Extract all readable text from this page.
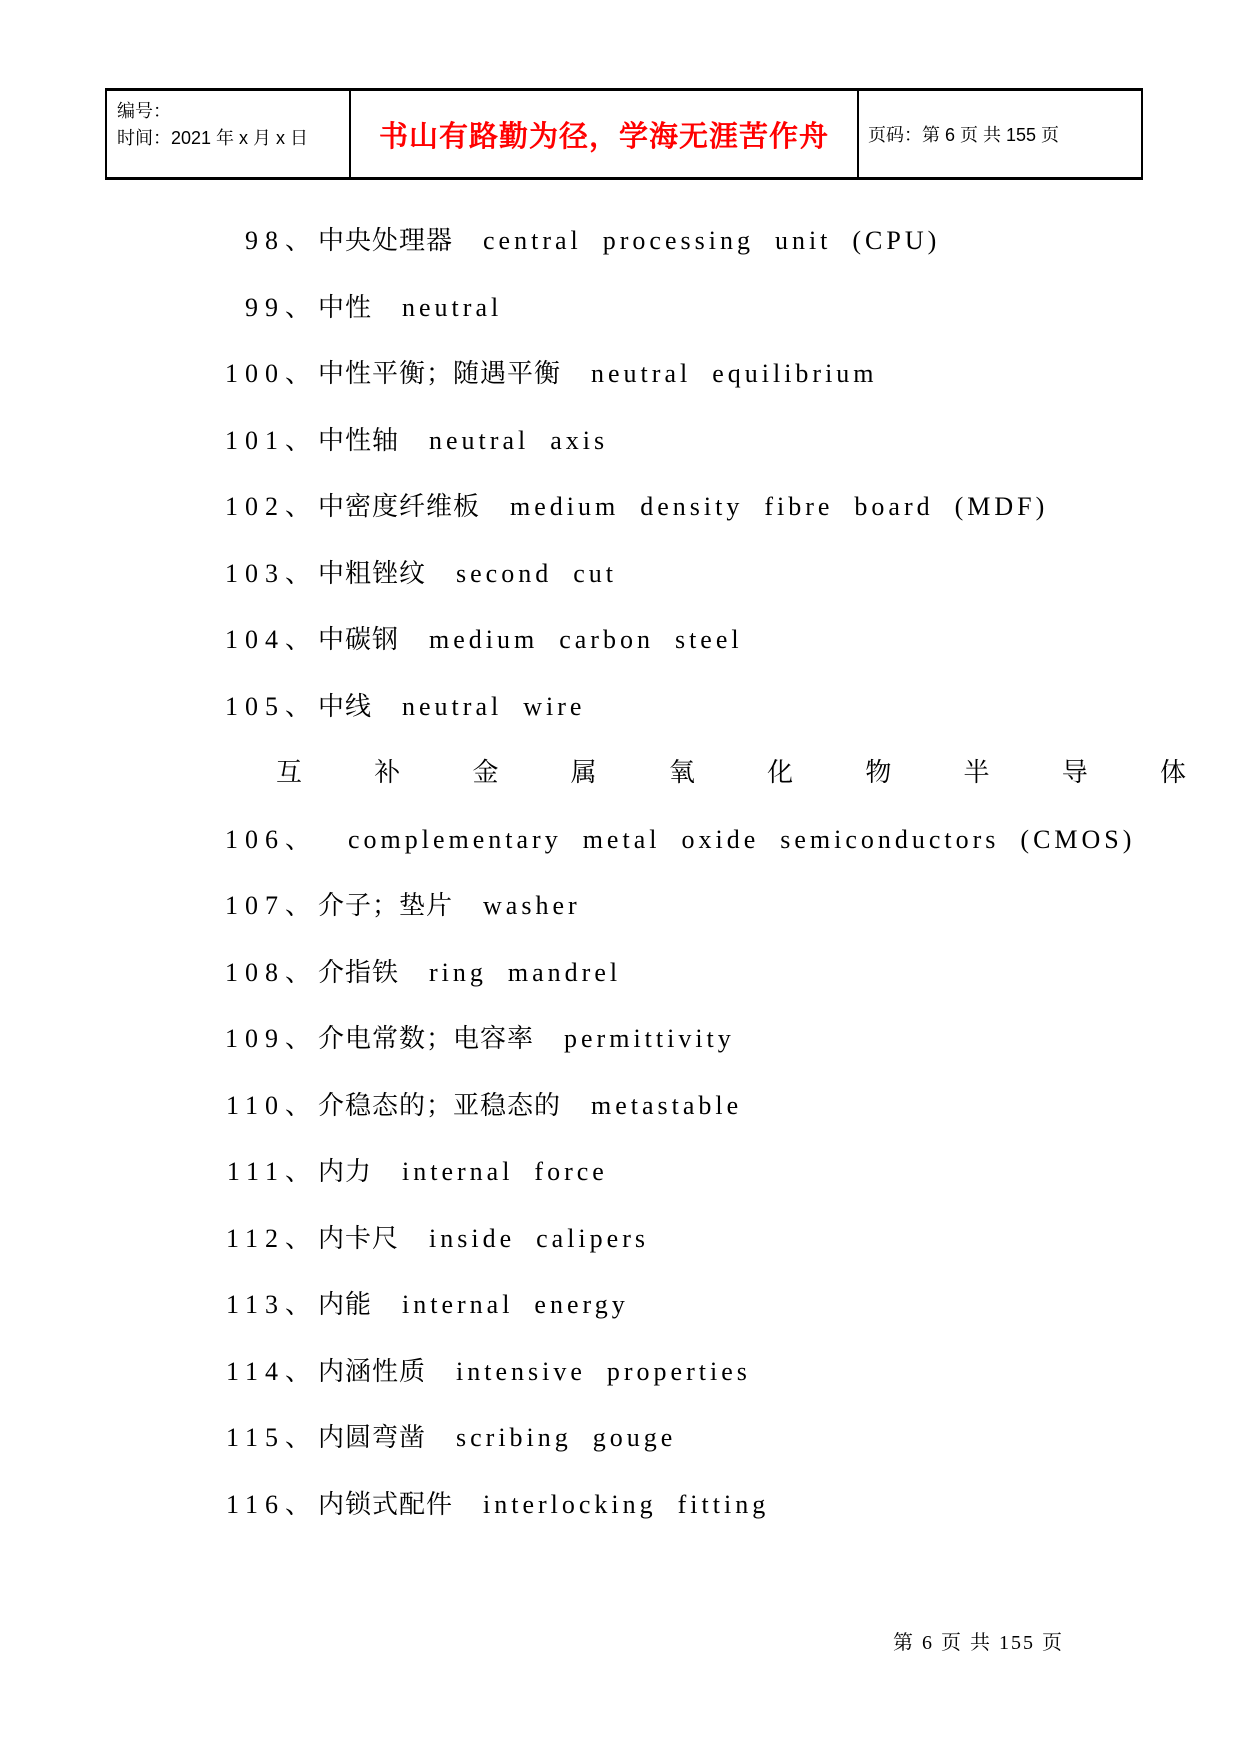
编号：
时间：2021 年 x 月 x 日	书山有路勤为径，学海无涯苦作舟 页码：第 6 页 共 155 页
98、中央处理器 central  processing  unit  (CPU)
99、中性 neutral
100、中性平衡；随遇平衡 neutral  equilibrium
101、中性轴 neutral  axis
102、中密度纤维板 medium  density  fibre  board  (MDF)
103、中粗锉纹 second  cut
104、中碳钢 medium  carbon  steel
105、中线 neutral  wire
互	补	金	属	氧	化	物	半	导	体
106、 complementary  metal  oxide  semiconductors  (CMOS)
107、介子；垫片 washer
108、介指铁 ring  mandrel
109、介电常数；电容率 permittivity
110、介稳态的；亚稳态的 metastable
111、内力 internal  force
112、内卡尺 inside  calipers
113、内能 internal  energy
114、内涵性质 intensive  properties
115、内圆弯凿 scribing  gouge
116、内锁式配件 interlocking  fitting
第 6 页 共 155 页
